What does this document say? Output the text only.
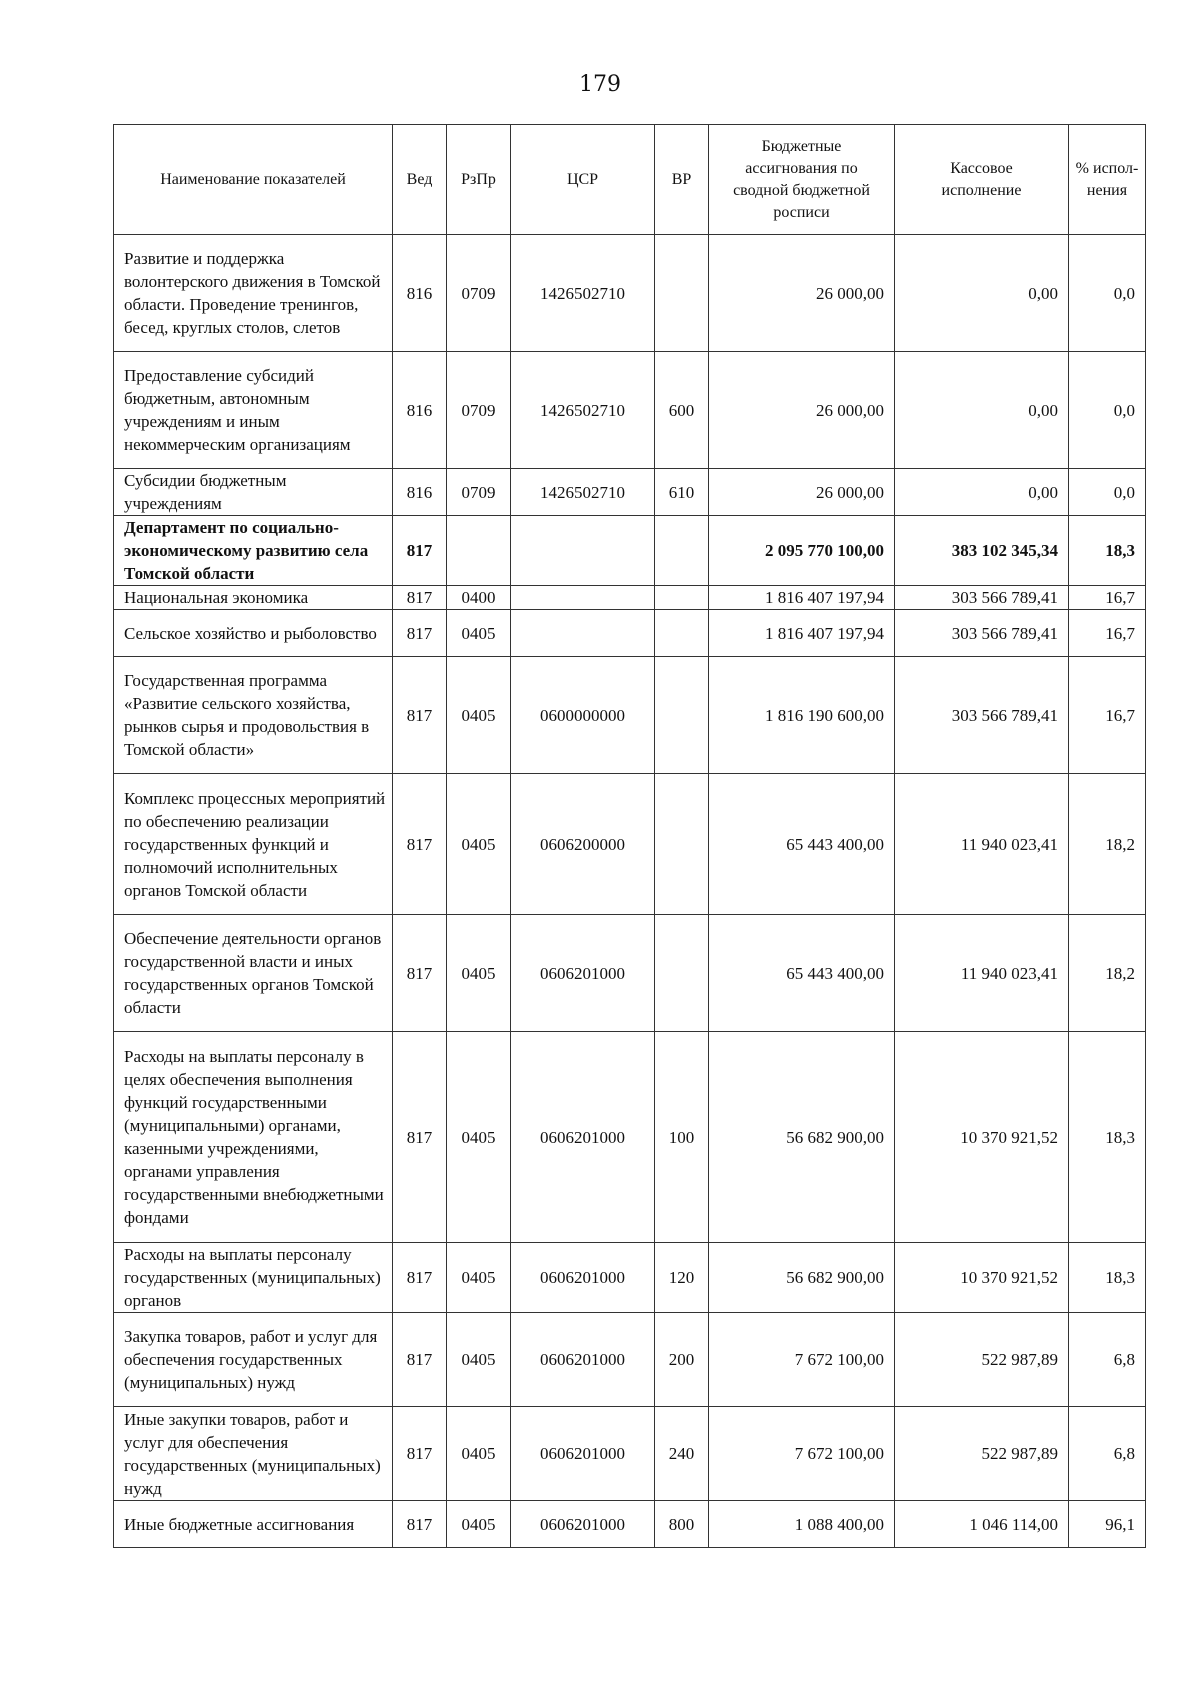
179
Наименование показателей	Вед	РзПр	ЦСР	ВР	Бюджетные ассигнования по сводной бюджетной росписи	Кассовое исполнение	% испол-нения
Развитие и поддержка волонтерского движения в Томской области. Проведение тренингов, бесед, круглых столов, слетов	816	0709	1426502710		26 000,00	0,00	0,0
Предоставление субсидий бюджетным, автономным учреждениям и иным некоммерческим организациям	816	0709	1426502710	600	26 000,00	0,00	0,0
Субсидии бюджетным учреждениям	816	0709	1426502710	610	26 000,00	0,00	0,0
Департамент по социально-экономическому развитию села Томской области	817				2 095 770 100,00	383 102 345,34	18,3
Национальная экономика	817	0400			1 816 407 197,94	303 566 789,41	16,7
Сельское хозяйство и рыболовство	817	0405			1 816 407 197,94	303 566 789,41	16,7
Государственная программа «Развитие сельского хозяйства, рынков сырья и продовольствия в Томской области»	817	0405	0600000000		1 816 190 600,00	303 566 789,41	16,7
Комплекс процессных мероприятий по обеспечению реализации государственных функций и полномочий исполнительных органов Томской области	817	0405	0606200000		65 443 400,00	11 940 023,41	18,2
Обеспечение деятельности органов государственной власти и иных государственных органов Томской области	817	0405	0606201000		65 443 400,00	11 940 023,41	18,2
Расходы на выплаты персоналу в целях обеспечения выполнения функций государственными (муниципальными) органами, казенными учреждениями, органами управления государственными внебюджетными фондами	817	0405	0606201000	100	56 682 900,00	10 370 921,52	18,3
Расходы на выплаты персоналу государственных (муниципальных) органов	817	0405	0606201000	120	56 682 900,00	10 370 921,52	18,3
Закупка товаров, работ и услуг для обеспечения государственных (муниципальных) нужд	817	0405	0606201000	200	7 672 100,00	522 987,89	6,8
Иные закупки товаров, работ и услуг для обеспечения государственных (муниципальных) нужд	817	0405	0606201000	240	7 672 100,00	522 987,89	6,8
Иные бюджетные ассигнования	817	0405	0606201000	800	1 088 400,00	1 046 114,00	96,1
